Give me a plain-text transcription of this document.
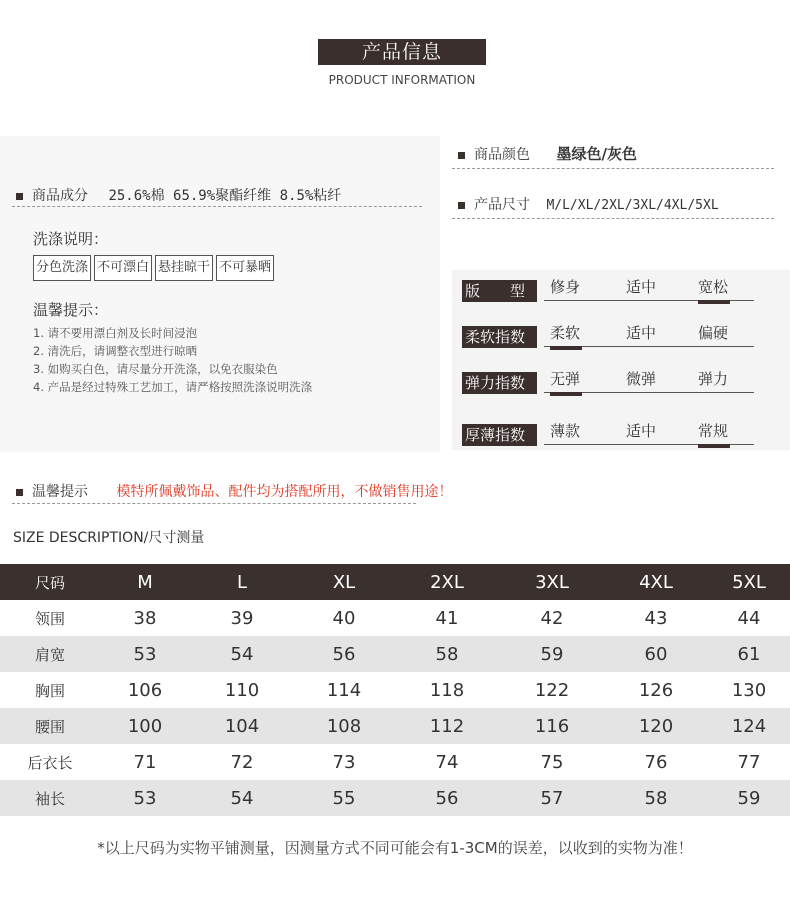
产品信息
PRODUCT INFORMATION
商品颜色 墨绿色/灰色
商品成分 25.6%棉 65.9%聚酯纤维 8.5%粘纤
产品尺寸 M/L/XL/2XL/3XL/4XL/5XL
洗涤说明：
分色洗涤 不可漂白 悬挂晾干 不可暴晒
温馨提示：
1. 请不要用漂白剂及长时间浸泡
2. 清洗后，请调整衣型进行晾晒
3. 如购买白色，请尽量分开洗涤，以免衣服染色
4. 产品是经过特殊工艺加工，请严格按照洗涤说明洗涤
版　　型	修身	适中	宽松
柔软指数	柔软	适中	偏硬
弹力指数	无弹	微弹	弹力
厚薄指数	薄款	适中	常规
温馨提示 模特所佩戴饰品、配件均为搭配所用，不做销售用途！
SIZE DESCRIPTION/尺寸测量
尺码	M	L	XL	2XL	3XL	4XL	5XL
领围	38	39	40	41	42	43	44
肩宽	53	54	56	58	59	60	61
胸围	106	110	114	118	122	126	130
腰围	100	104	108	112	116	120	124
后衣长	71	72	73	74	75	76	77
袖长	53	54	55	56	57	58	59
*以上尺码为实物平铺测量，因测量方式不同可能会有1-3CM的误差，以收到的实物为准！
